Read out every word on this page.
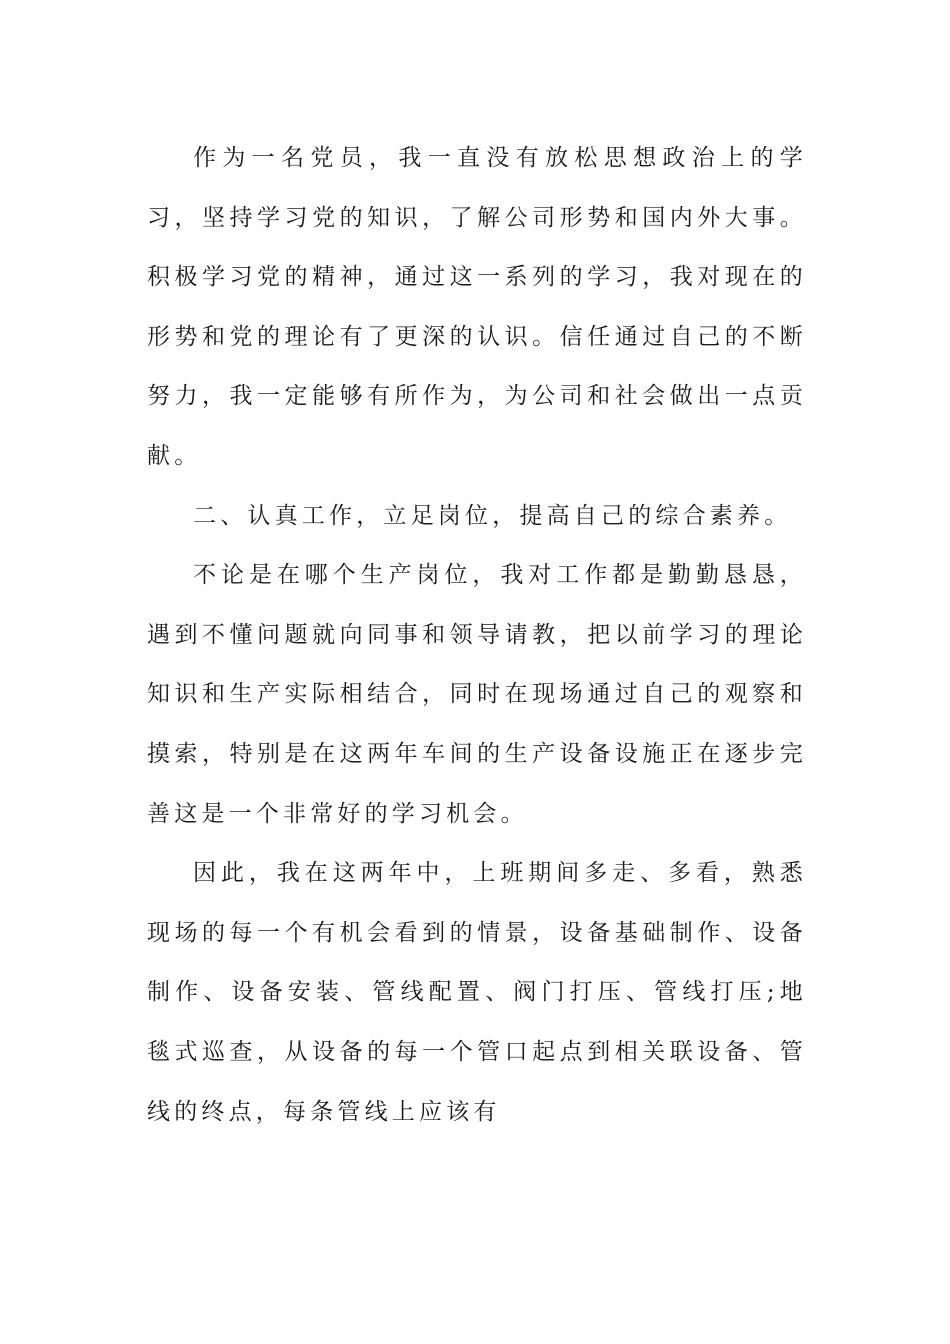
作为一名党员，我一直没有放松思想政治上的学习，坚持学习党的知识，了解公司形势和国内外大事。积极学习党的精神，通过这一系列的学习，我对现在的形势和党的理论有了更深的认识。信任通过自己的不断努力，我一定能够有所作为，为公司和社会做出一点贡献。

二、认真工作，立足岗位，提高自己的综合素养。

不论是在哪个生产岗位，我对工作都是勤勤恳恳，遇到不懂问题就向同事和领导请教，把以前学习的理论知识和生产实际相结合，同时在现场通过自己的观察和摸索，特别是在这两年车间的生产设备设施正在逐步完善这是一个非常好的学习机会。

因此，我在这两年中，上班期间多走、多看，熟悉现场的每一个有机会看到的情景，设备基础制作、设备制作、设备安装、管线配置、阀门打压、管线打压;地毯式巡查，从设备的每一个管口起点到相关联设备、管线的终点，每条管线上应该有
